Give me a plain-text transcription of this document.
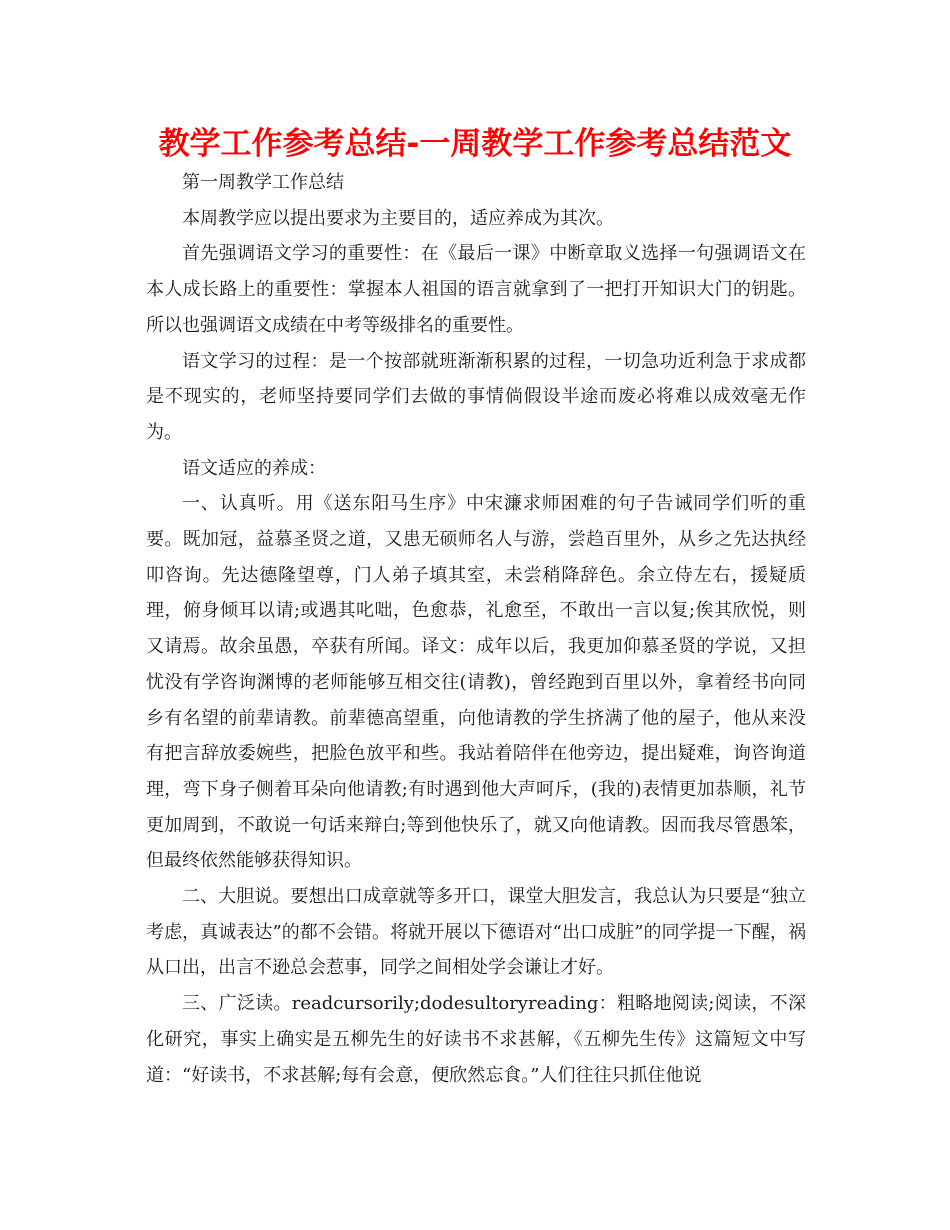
教学工作参考总结-一周教学工作参考总结范文

第一周教学工作总结

本周教学应以提出要求为主要目的，适应养成为其次。

首先强调语文学习的重要性：在《最后一课》中断章取义选择一句强调语文在本人成长路上的重要性：掌握本人祖国的语言就拿到了一把打开知识大门的钥匙。所以也强调语文成绩在中考等级排名的重要性。

语文学习的过程：是一个按部就班渐渐积累的过程，一切急功近利急于求成都是不现实的，老师坚持要同学们去做的事情倘假设半途而废必将难以成效毫无作为。

语文适应的养成：

一、认真听。用《送东阳马生序》中宋濂求师困难的句子告诫同学们听的重要。既加冠，益慕圣贤之道，又患无硕师名人与游，尝趋百里外，从乡之先达执经叩咨询。先达德隆望尊，门人弟子填其室，未尝稍降辞色。余立侍左右，援疑质理，俯身倾耳以请;或遇其叱咄，色愈恭，礼愈至，不敢出一言以复;俟其欣悦，则又请焉。故余虽愚，卒获有所闻。译文：成年以后，我更加仰慕圣贤的学说，又担忧没有学咨询渊博的老师能够互相交往(请教)，曾经跑到百里以外，拿着经书向同乡有名望的前辈请教。前辈德高望重，向他请教的学生挤满了他的屋子，他从来没有把言辞放委婉些，把脸色放平和些。我站着陪伴在他旁边，提出疑难，询咨询道理，弯下身子侧着耳朵向他请教;有时遇到他大声呵斥，(我的)表情更加恭顺，礼节更加周到，不敢说一句话来辩白;等到他快乐了，就又向他请教。因而我尽管愚笨，但最终依然能够获得知识。

二、大胆说。要想出口成章就等多开口，课堂大胆发言，我总认为只要是“独立考虑，真诚表达”的都不会错。将就开展以下德语对“出口成脏”的同学提一下醒，祸从口出，出言不逊总会惹事，同学之间相处学会谦让才好。

三、广泛读。readcursorily;dodesultoryreading：粗略地阅读;阅读，不深化研究，事实上确实是五柳先生的好读书不求甚解，《五柳先生传》这篇短文中写道：“好读书，不求甚解;每有会意，便欣然忘食。”人们往往只抓住他说
